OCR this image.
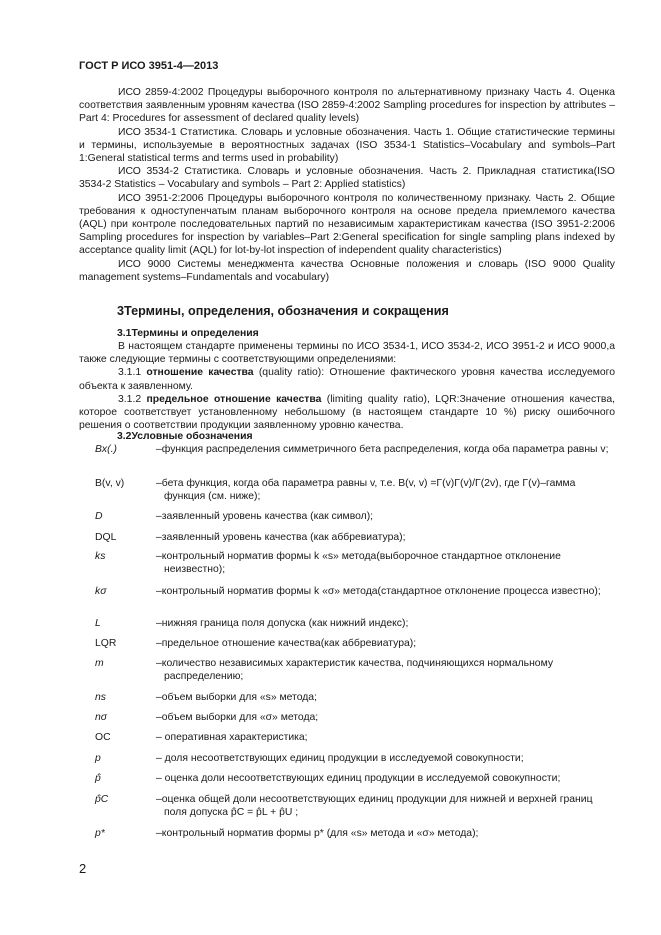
ГОСТ Р ИСО 3951-4—2013

ИСО 2859-4:2002 Процедуры выборочного контроля по альтернативному признаку Часть 4. Оценка соответствия заявленным уровням качества (ISO 2859-4:2002 Sampling procedures for inspection by attributes – Part 4: Procedures for assessment of declared quality levels)

ИСО 3534-1 Статистика. Словарь и условные обозначения. Часть 1. Общие статистические термины и термины, используемые в вероятностных задачах (ISO 3534-1 Statistics–Vocabulary and symbols–Part 1:General statistical terms and terms used in probability)

ИСО 3534-2 Статистика. Словарь и условные обозначения. Часть 2. Прикладная статистика(ISO 3534-2 Statistics – Vocabulary and symbols – Part 2: Applied statistics)

ИСО 3951-2:2006 Процедуры выборочного контроля по количественному признаку. Часть 2. Общие требования к одноступенчатым планам выборочного контроля на основе предела приемлемого качества (AQL) при контроле последовательных партий по независимым характеристикам качества (ISO 3951-2:2006 Sampling procedures for inspection by variables–Part 2:General specification for single sampling plans indexed by acceptance quality limit (AQL) for lot-by-lot inspection of independent quality characteristics)

ИСО 9000 Системы менеджмента качества Основные положения и словарь (ISO 9000 Quality management systems–Fundamentals and vocabulary)

3Термины, определения, обозначения и сокращения
3.1Термины и определения

В настоящем стандарте применены термины по ИСО 3534-1, ИСО 3534-2, ИСО 3951-2 и ИСО 9000,а также следующие термины с соответствующими определениями:

3.1.1 отношение качества (quality ratio): Отношение фактического уровня качества исследуемого объекта к заявленному.

3.1.2 предельное отношение качества (limiting quality ratio), LQR:Значение отношения качества, которое соответствует установленному небольшому (в настоящем стандарте 10 %) риску ошибочного решения о соответствии продукции заявленному уровню качества.

3.2Условные обозначения
Bx(.)	–функция распределения симметричного бета распределения, когда оба параметра равны v;
B(v, v)	–бета функция, когда оба параметра равны v, т.е. B(v, v) =Γ(v)Γ(v)/Γ(2v), где Γ(v)–гамма функция (см. ниже);
D	–заявленный уровень качества (как символ);
DQL	–заявленный уровень качества (как аббревиатура);
ks	–контрольный норматив формы k «s» метода(выборочное стандартное отклонение неизвестно);
kσ	–контрольный норматив формы k «σ» метода(стандартное отклонение процесса известно);
L	–нижняя граница поля допуска (как нижний индекс);
LQR	–предельное отношение качества(как аббревиатура);
m	–количество независимых характеристик качества, подчиняющихся нормальному распределению;
ns	–объем выборки для «s» метода;
nσ	–объем выборки для «σ» метода;
OC	– оперативная характеристика;
p	– доля несоответствующих единиц продукции в исследуемой совокупности;
p̂	– оценка доли несоответствующих единиц продукции в исследуемой совокупности;
p̂C	–оценка общей доли несоответствующих единиц продукции для нижней и верхней границ поля допуска p̂C = p̂L + p̂U ;
p*	–контрольный норматив формы p* (для «s» метода и «σ» метода);
2
